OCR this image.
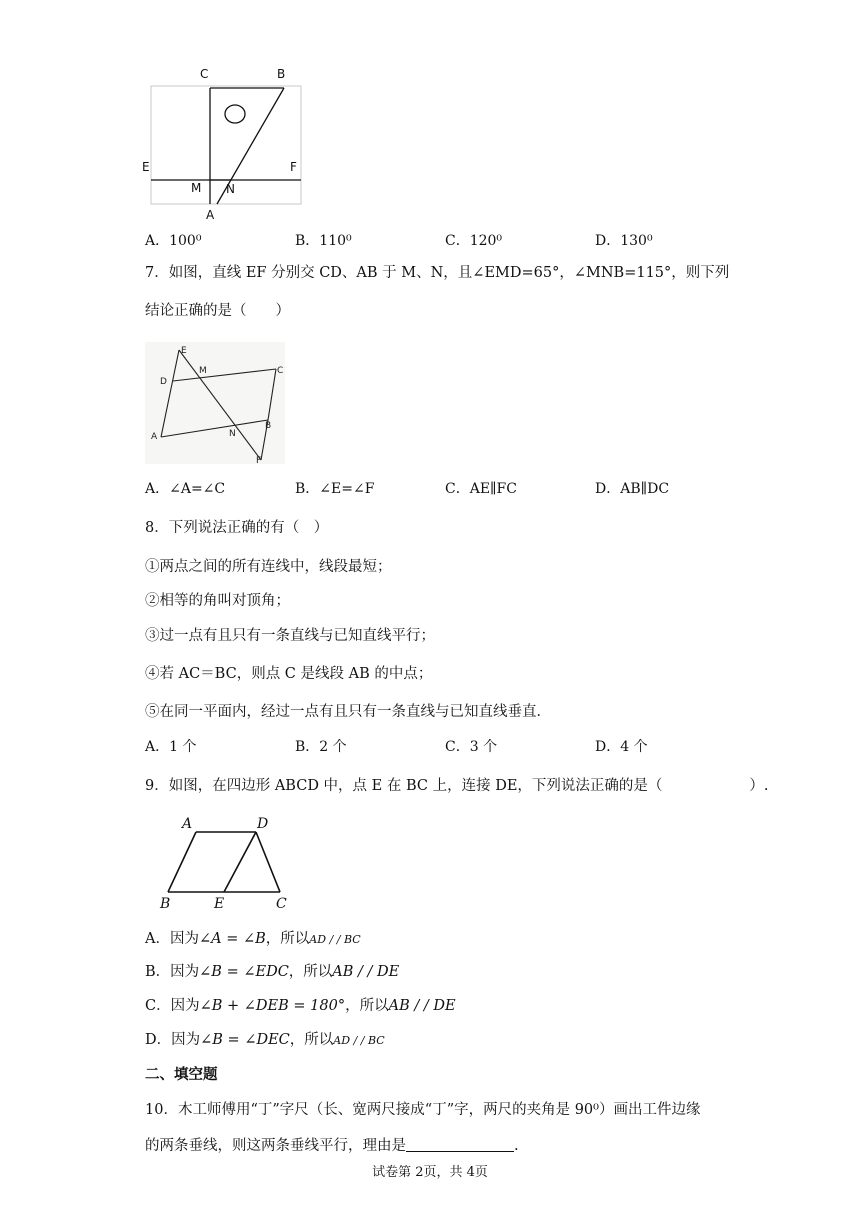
C	B
E	F
M N
A
A．100⁰	B．110⁰	C．120⁰	D．130⁰
7．如图，直线 EF 分别交 CD、AB 于 M、N，且∠EMD=65°，∠MNB=115°，则下列
结论正确的是（　　）
E
M
D
C
A	N
B
F
A．∠A=∠C	B．∠E=∠F	C．AE∥FC	D．AB∥DC
8．下列说法正确的有（　）
①两点之间的所有连线中，线段最短；
②相等的角叫对顶角；
③过一点有且只有一条直线与已知直线平行；
④若 AC＝BC，则点 C 是线段 AB 的中点；
⑤在同一平面内，经过一点有且只有一条直线与已知直线垂直．
A．1 个	B．2 个	C．3 个	D．4 个
9．如图，在四边形 ABCD 中，点 E 在 BC 上，连接 DE，下列说法正确的是（　　　　　　）.
A	D
B	E	C
A．因为∠A = ∠B，所以AD / / BC
B．因为∠B = ∠EDC，所以AB / / DE
C．因为∠B + ∠DEB = 180°，所以AB / / DE
D．因为∠B = ∠DEC，所以AD / / BC
二、填空题
10．木工师傅用“丁”字尺（长、宽两尺接成“丁”字，两尺的夹角是 90⁰）画出工件边缘
的两条垂线，则这两条垂线平行，理由是	.
试卷第 2页，共 4页
